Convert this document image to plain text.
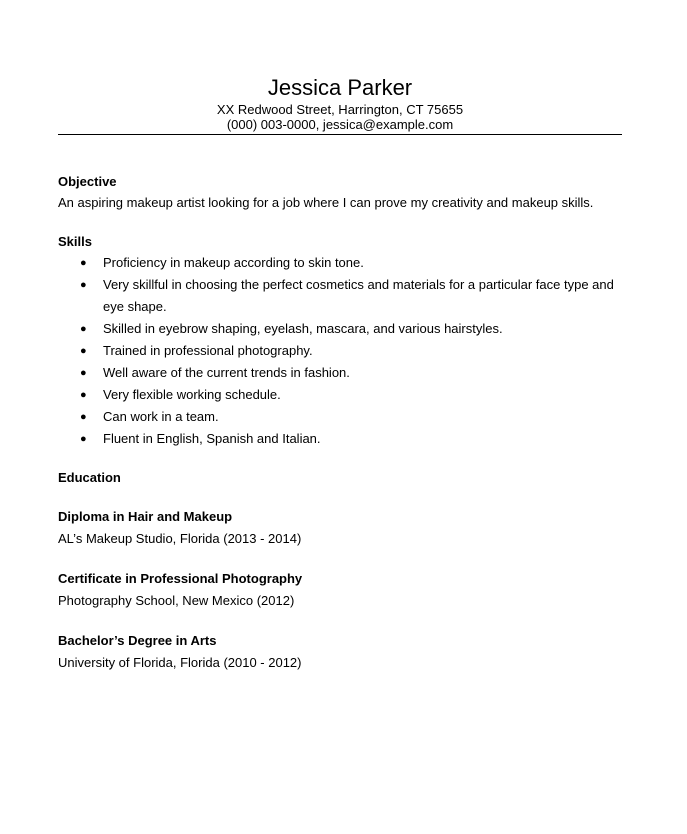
Jessica Parker

XX Redwood Street, Harrington, CT 75655

(000) 003-0000, jessica@example.com

Objective

An aspiring makeup artist looking for a job where I can prove my creativity and makeup skills.

Skills

● Proficiency in makeup according to skin tone.
● Very skillful in choosing the perfect cosmetics and materials for a particular face type and eye shape.
● Skilled in eyebrow shaping, eyelash, mascara, and various hairstyles.
● Trained in professional photography.
● Well aware of the current trends in fashion.
● Very flexible working schedule.
● Can work in a team.
● Fluent in English, Spanish and Italian.

Education

Diploma in Hair and Makeup

AL’s Makeup Studio, Florida (2013 - 2014)

Certificate in Professional Photography

Photography School, New Mexico (2012)

Bachelor’s Degree in Arts

University of Florida, Florida (2010 - 2012)
